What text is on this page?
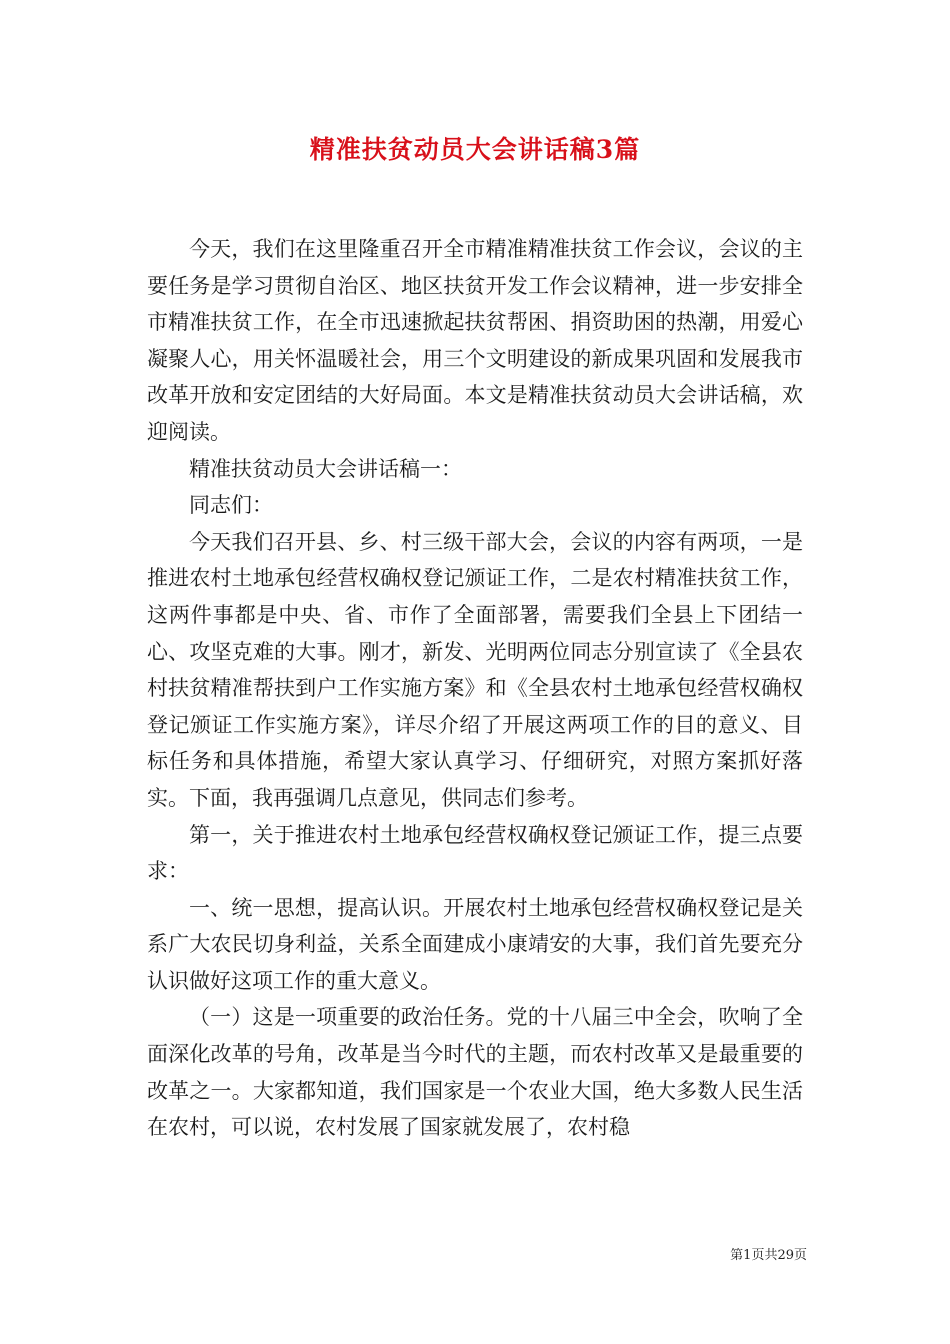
精准扶贫动员大会讲话稿3篇

今天，我们在这里隆重召开全市精准精准扶贫工作会议，会议的主要任务是学习贯彻自治区、地区扶贫开发工作会议精神，进一步安排全市精准扶贫工作，在全市迅速掀起扶贫帮困、捐资助困的热潮，用爱心凝聚人心，用关怀温暖社会，用三个文明建设的新成果巩固和发展我市改革开放和安定团结的大好局面。本文是精准扶贫动员大会讲话稿，欢迎阅读。

精准扶贫动员大会讲话稿一：

同志们：

今天我们召开县、乡、村三级干部大会，会议的内容有两项，一是推进农村土地承包经营权确权登记颁证工作，二是农村精准扶贫工作，这两件事都是中央、省、市作了全面部署，需要我们全县上下团结一心、攻坚克难的大事。刚才，新发、光明两位同志分别宣读了《全县农村扶贫精准帮扶到户工作实施方案》和《全县农村土地承包经营权确权登记颁证工作实施方案》，详尽介绍了开展这两项工作的目的意义、目标任务和具体措施，希望大家认真学习、仔细研究，对照方案抓好落实。下面，我再强调几点意见，供同志们参考。

第一，关于推进农村土地承包经营权确权登记颁证工作，提三点要求：

一、统一思想，提高认识。开展农村土地承包经营权确权登记是关系广大农民切身利益，关系全面建成小康靖安的大事，我们首先要充分认识做好这项工作的重大意义。

（一）这是一项重要的政治任务。党的十八届三中全会，吹响了全面深化改革的号角，改革是当今时代的主题，而农村改革又是最重要的改革之一。大家都知道，我们国家是一个农业大国，绝大多数人民生活在农村，可以说，农村发展了国家就发展了，农村稳

第1页共29页
